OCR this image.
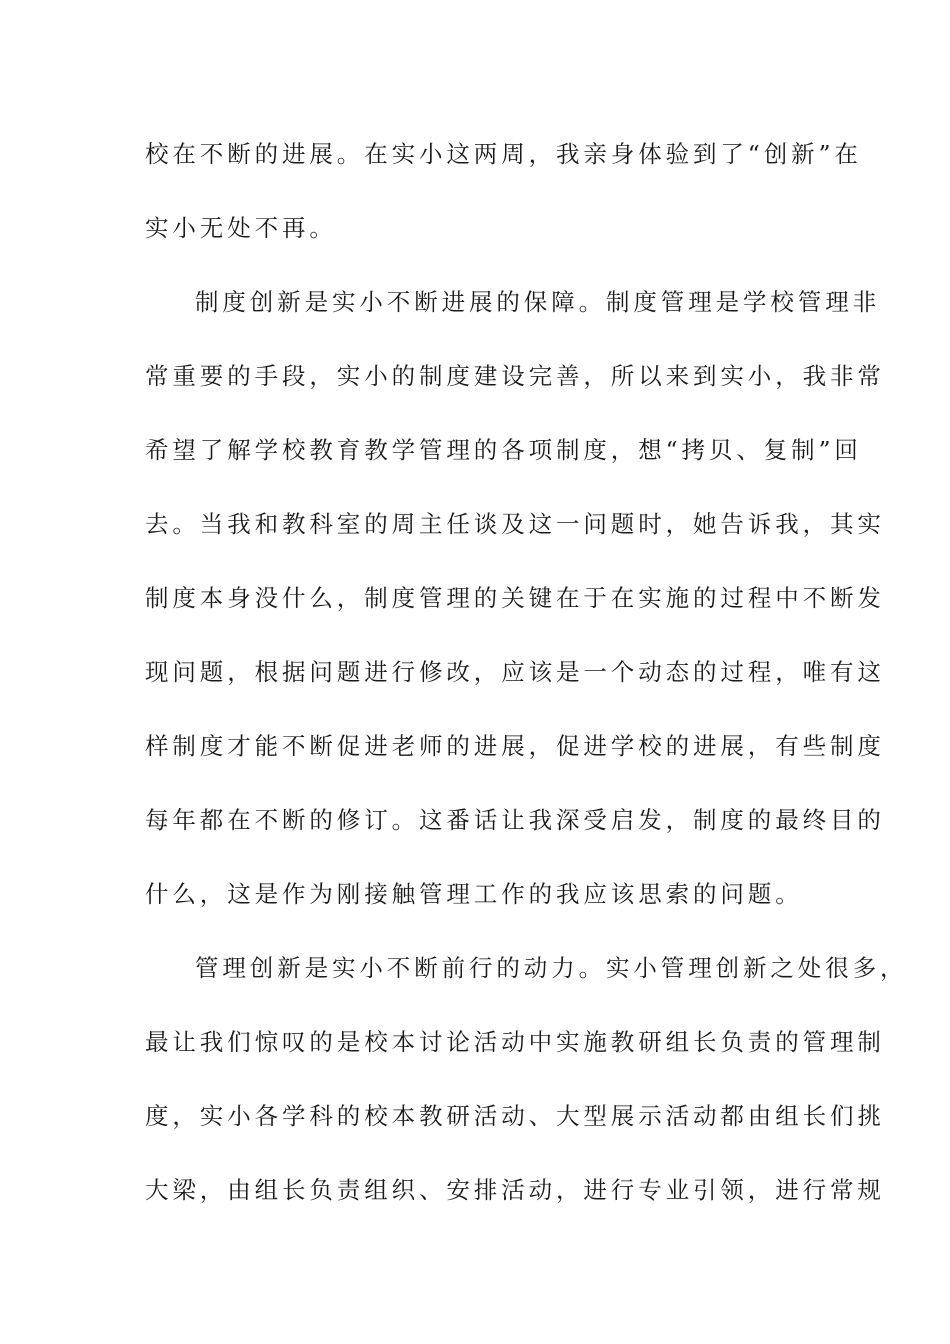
校在不断的进展。在实小这两周，我亲身体验到了“创新”在
实小无处不再。
制度创新是实小不断进展的保障。制度管理是学校管理非
常重要的手段，实小的制度建设完善，所以来到实小，我非常
希望了解学校教育教学管理的各项制度，想“拷贝、复制”回
去。当我和教科室的周主任谈及这一问题时，她告诉我，其实
制度本身没什么，制度管理的关键在于在实施的过程中不断发
现问题，根据问题进行修改，应该是一个动态的过程，唯有这
样制度才能不断促进老师的进展，促进学校的进展，有些制度
每年都在不断的修订。这番话让我深受启发，制度的最终目的
什么，这是作为刚接触管理工作的我应该思索的问题。
管理创新是实小不断前行的动力。实小管理创新之处很多，
最让我们惊叹的是校本讨论活动中实施教研组长负责的管理制
度，实小各学科的校本教研活动、大型展示活动都由组长们挑
大梁，由组长负责组织、安排活动，进行专业引领，进行常规
